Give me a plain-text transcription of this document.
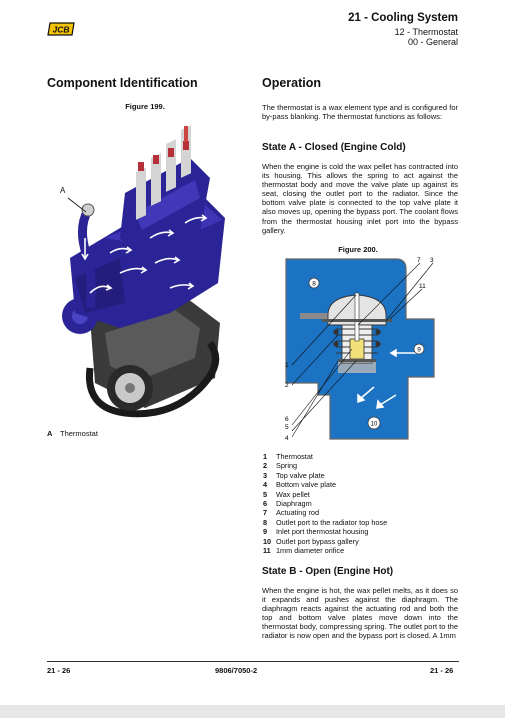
JCB
21 - Cooling System
12 - Thermostat
00 - General
Component Identification
Figure 199.
A
A Thermostat
Operation
The thermostat is a wax element type and is configured for by-pass blanking. The thermostat functions as follows:
State A - Closed (Engine Cold)
When the engine is cold the wax pellet has contracted into its housing. This allows the spring to act against the thermostat body and move the valve plate up against its seat, closing the outlet port to the radiator. Since the bottom valve plate is connected to the top valve plate it also moves up, opening the bypass port. The coolant flows from the thermostat housing inlet port into the bypass gallery.
Figure 200.
8
9
10
7 3
11
1
2
6
5
4
1	Thermostat
2	Spring
3	Top valve plate
4	Bottom valve plate
5	Wax pellet
6	Diaphragm
7	Actuating rod
8	Outlet port to the radiator top hose
9	Inlet port thermostat housing
10 Outlet port bypass gallery
11 1mm diameter orifice
State B - Open (Engine Hot)
When the engine is hot, the wax pellet melts, as it does so it expands and pushes against the diaphragm. The diaphragm reacts against the actuating rod and both the top and bottom valve plates move down into the thermostat body, compressing spring. The outlet port to the radiator is now open and the bypass port is closed. A 1mm
21 - 26	9806/7050-2	21 - 26
